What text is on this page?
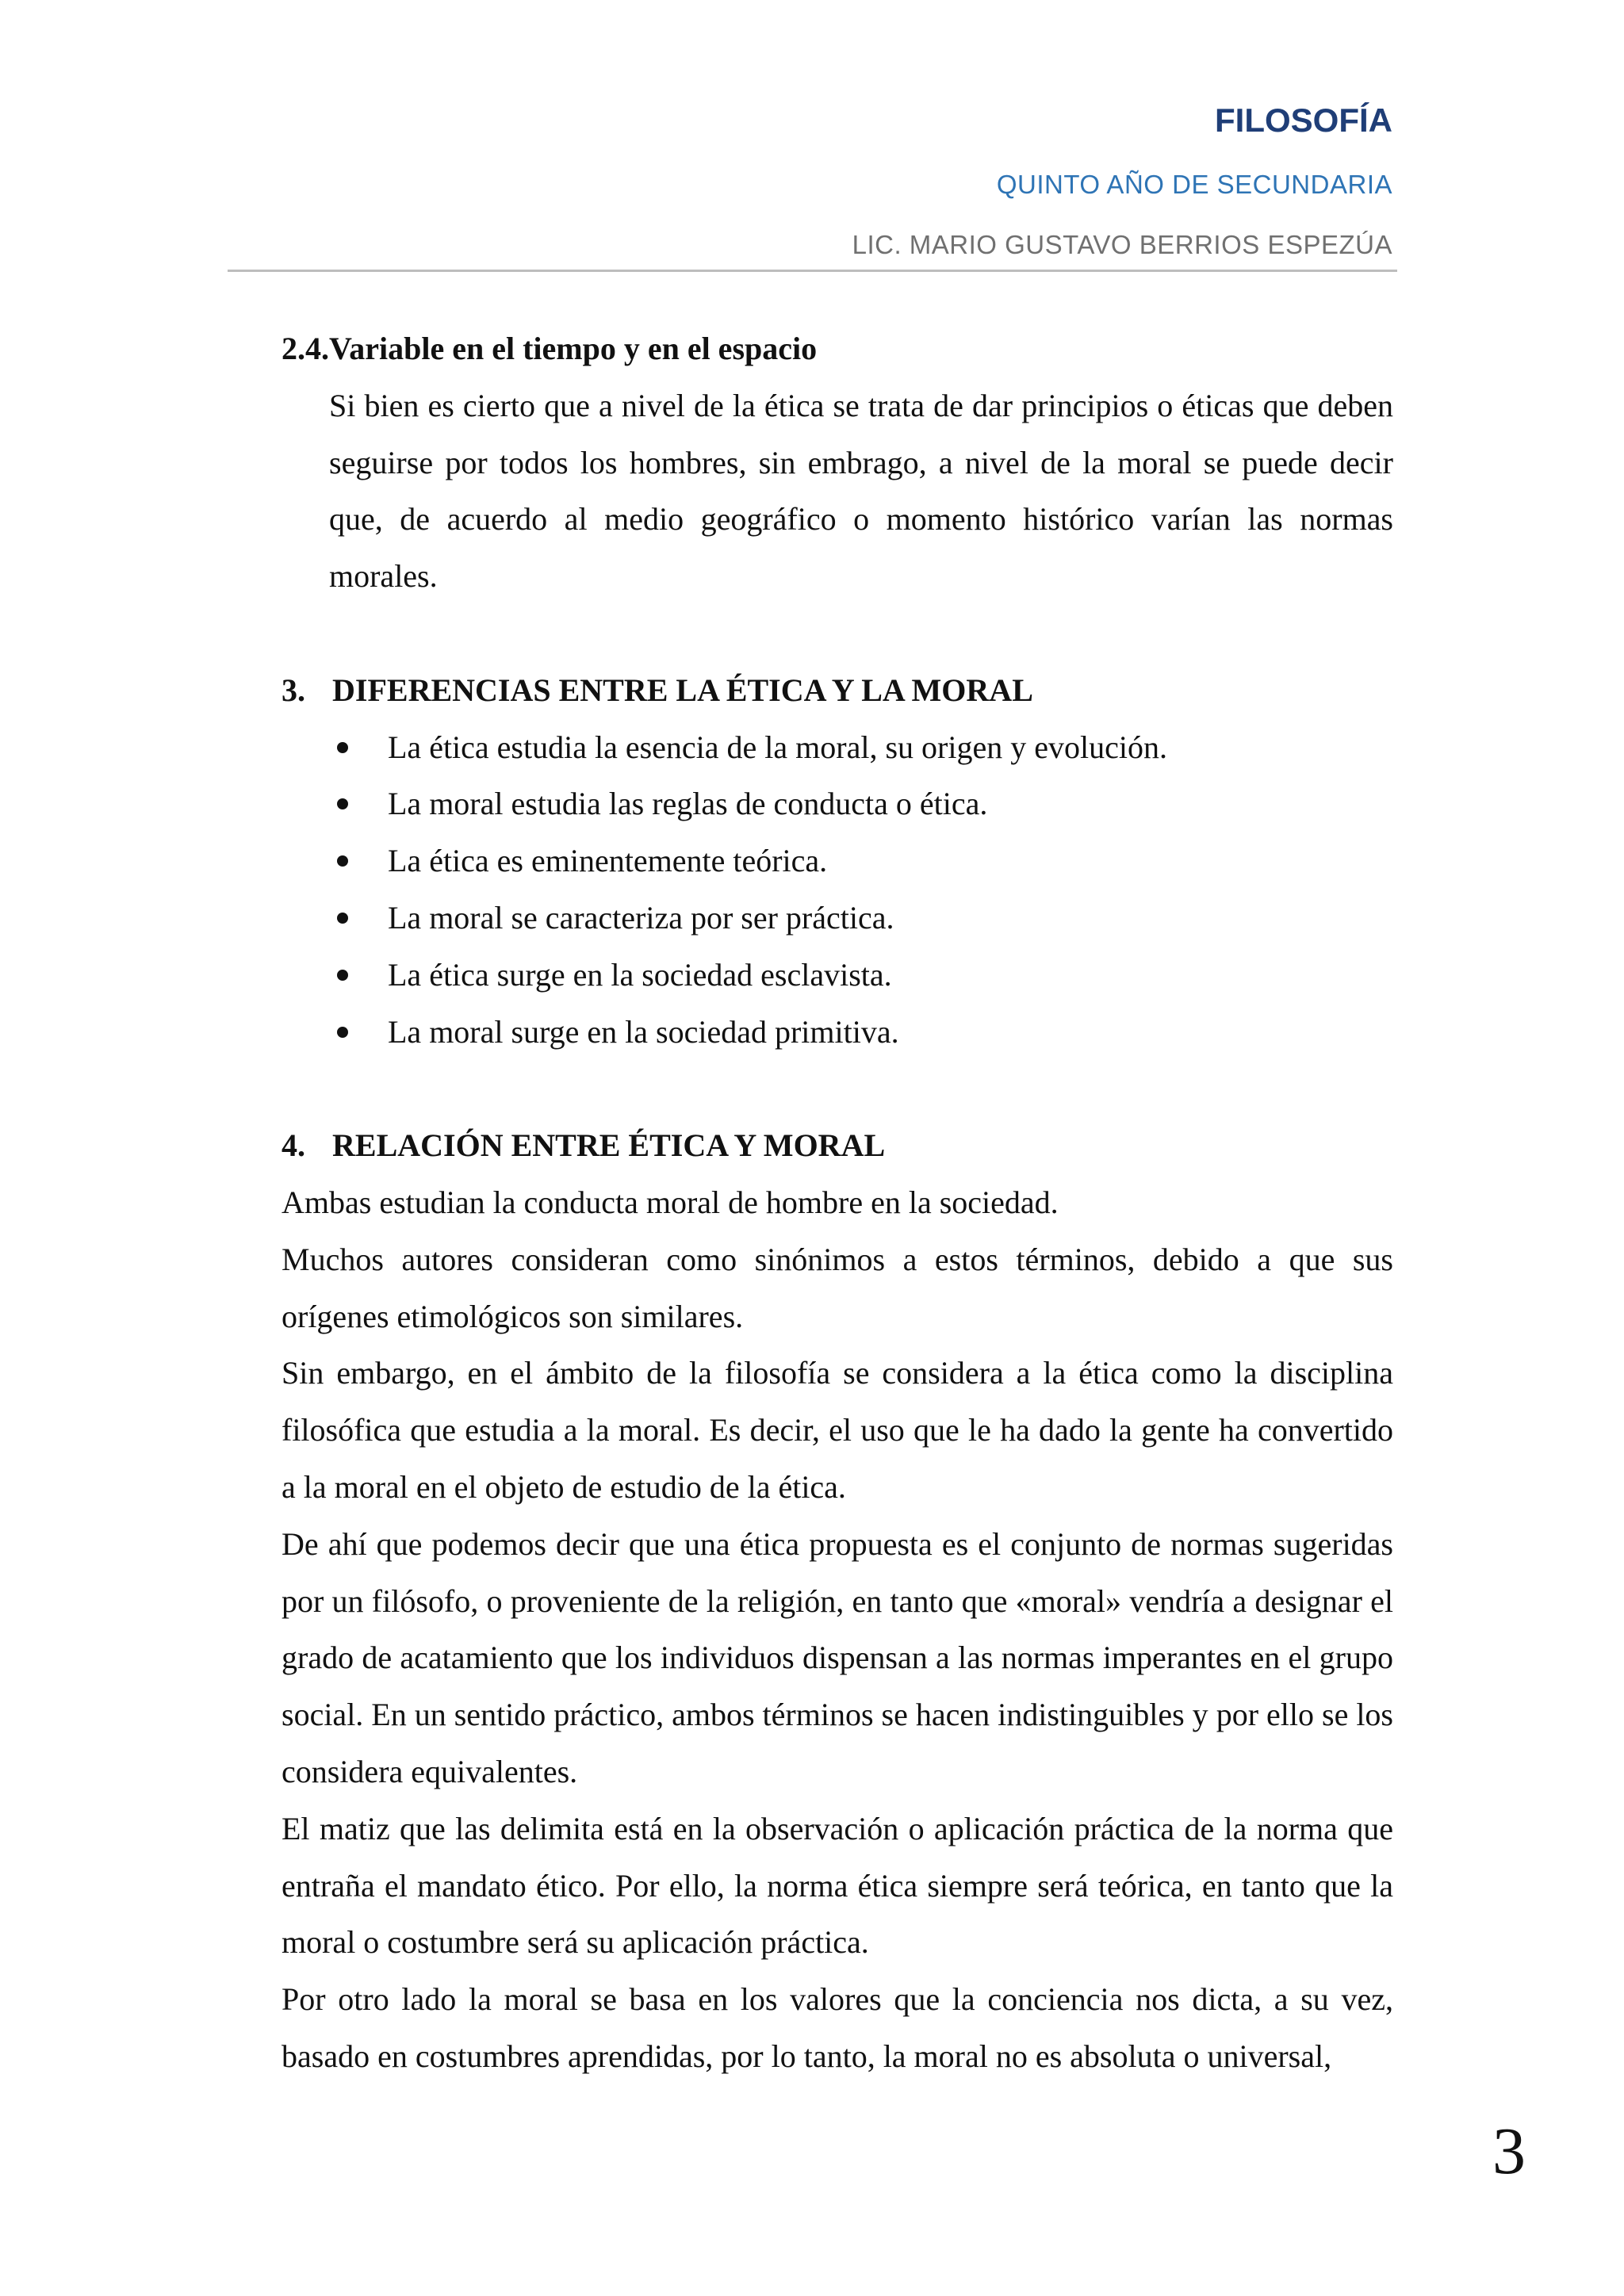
FILOSOFÍA
QUINTO AÑO DE SECUNDARIA
LIC. MARIO GUSTAVO BERRIOS ESPEZÚA

2.4.Variable en el tiempo y en el espacio

Si bien es cierto que a nivel de la ética se trata de dar principios o éticas que deben seguirse por todos los hombres, sin embrago, a nivel de la moral se puede decir que, de acuerdo al medio geográfico o momento histórico varían las normas morales.

3. DIFERENCIAS ENTRE LA ÉTICA Y LA MORAL
La ética estudia la esencia de la moral, su origen y evolución.
La moral estudia las reglas de conducta o ética.
La ética es eminentemente teórica.
La moral se caracteriza por ser práctica.
La ética surge en la sociedad esclavista.
La moral surge en la sociedad primitiva.
4. RELACIÓN ENTRE ÉTICA Y MORAL

Ambas estudian la conducta moral de hombre en la sociedad.

Muchos autores consideran como sinónimos a estos términos, debido a que sus orígenes etimológicos son similares.

Sin embargo, en el ámbito de la filosofía se considera a la ética como la disciplina filosófica que estudia a la moral. Es decir, el uso que le ha dado la gente ha convertido a la moral en el objeto de estudio de la ética.

De ahí que podemos decir que una ética propuesta es el conjunto de normas sugeridas por un filósofo, o proveniente de la religión, en tanto que «moral» vendría a designar el grado de acatamiento que los individuos dispensan a las normas imperantes en el grupo social. En un sentido práctico, ambos términos se hacen indistinguibles y por ello se los considera equivalentes.

El matiz que las delimita está en la observación o aplicación práctica de la norma que entraña el mandato ético. Por ello, la norma ética siempre será teórica, en tanto que la moral o costumbre será su aplicación práctica.

Por otro lado la moral se basa en los valores que la conciencia nos dicta, a su vez, basado en costumbres aprendidas, por lo tanto, la moral no es absoluta o universal,

3
